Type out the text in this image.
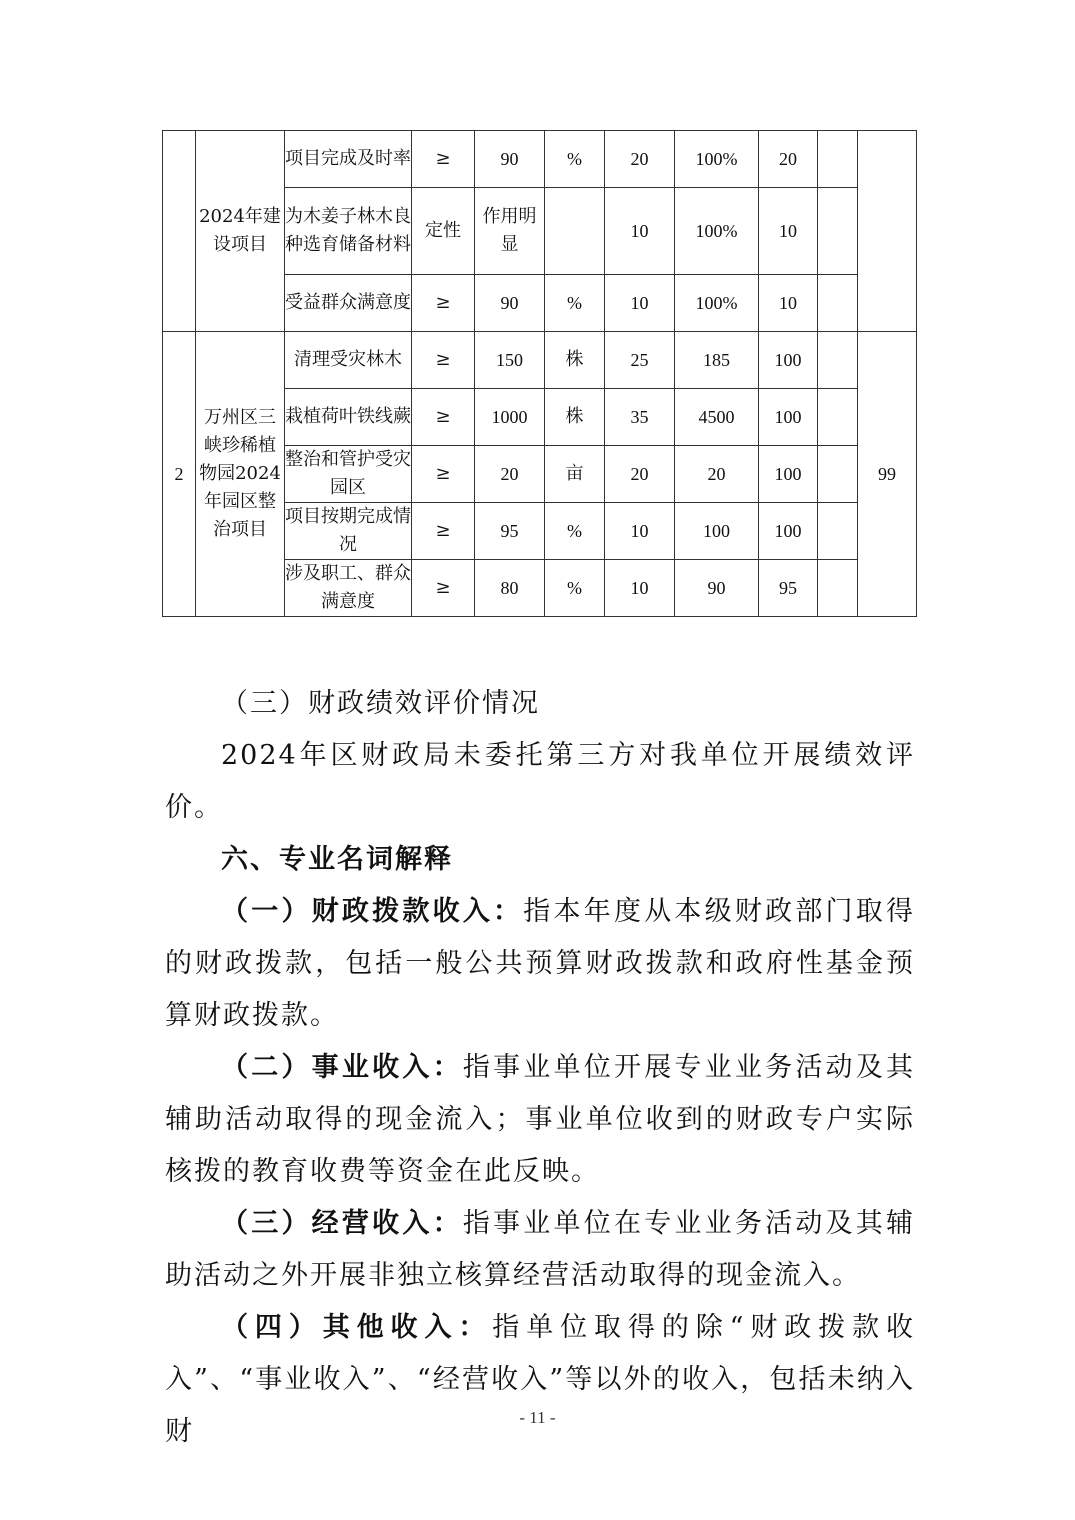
	2024年建设项目	项目完成及时率	≥	90	%	20	100%	20		
		为木姜子林木良种选育储备材料	定性	作用明显		10	100%	10		
		受益群众满意度	≥	90	%	10	100%	10		
2	万州区三峡珍稀植物园2024年园区整治项目	清理受灾林木	≥	150	株	25	185	100		99
		栽植荷叶铁线蕨	≥	1000	株	35	4500	100		
		整治和管护受灾园区	≥	20	亩	20	20	100		
		项目按期完成情况	≥	95	%	10	100	100		
		涉及职工、群众满意度	≥	80	%	10	90	95		

（三）财政绩效评价情况

2024年区财政局未委托第三方对我单位开展绩效评价。

六、专业名词解释

（一）财政拨款收入：指本年度从本级财政部门取得的财政拨款，包括一般公共预算财政拨款和政府性基金预算财政拨款。

（二）事业收入：指事业单位开展专业业务活动及其辅助活动取得的现金流入；事业单位收到的财政专户实际核拨的教育收费等资金在此反映。

（三）经营收入：指事业单位在专业业务活动及其辅助活动之外开展非独立核算经营活动取得的现金流入。

（四）其他收入：指单位取得的除“财政拨款收入”、“事业收入”、“经营收入”等以外的收入，包括未纳入财	- 11 -
